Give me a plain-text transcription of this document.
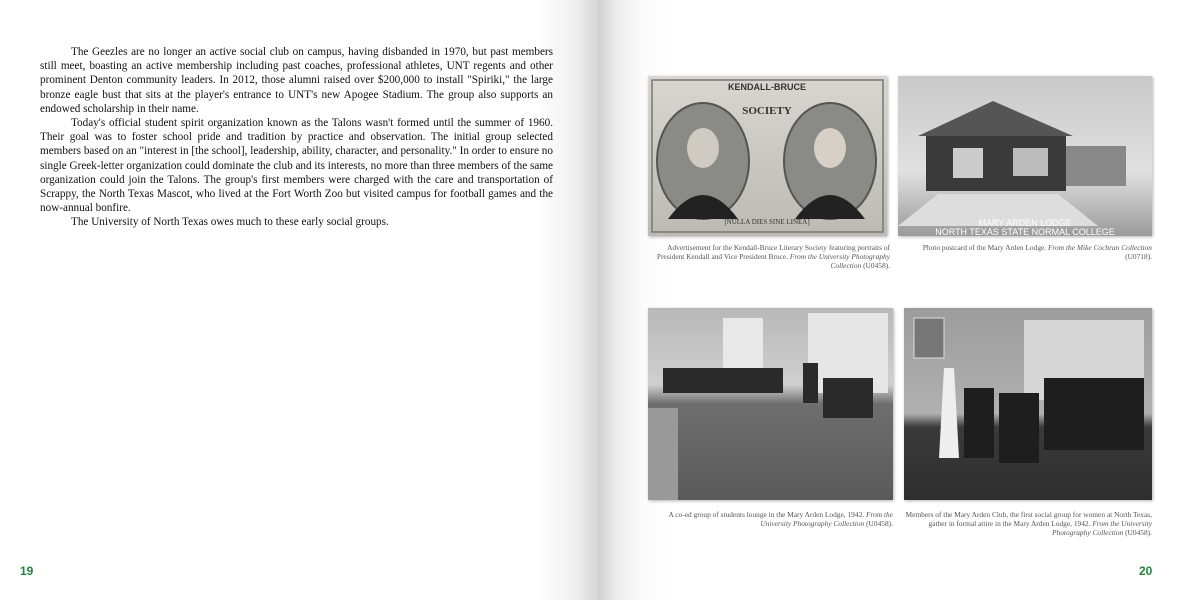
The Geezles are no longer an active social club on campus, having disbanded in 1970, but past members still meet, boasting an active membership including past coaches, professional athletes, UNT regents and other prominent Denton community leaders. In 2012, those alumni raised over $200,000 to install "Spiriki," the large bronze eagle bust that sits at the player's entrance to UNT's new Apogee Stadium. The group also supports an endowed scholarship in their name.

Today's official student spirit organization known as the Talons wasn't formed until the summer of 1960. Their goal was to foster school pride and tradition by practice and observation. The initial group selected members based on an "interest in [the school], leadership, ability, character, and personality." In order to ensure no single Greek-letter organization could dominate the club and its interests, no more than three members of the same organization could join the Talons. The group's first members were charged with the care and transportation of Scrappy, the North Texas Mascot, who lived at the Fort Worth Zoo but visited campus for football games and the now-annual bonfire.

The University of North Texas owes much to these early social groups.

19
KENDALL-BRUCE
SOCIETY
[NULLA DIES SINE LINEA]	MARY ARDEN LODGE
NORTH TEXAS STATE NORMAL COLLEGE
Advertisement for the Kendall-Bruce Literary Society featuring portraits of President Kendall and Vice President Bruce. From the University Photography Collection (U0458).
Photo postcard of the Mary Arden Lodge. From the Mike Cochran Collection (U0718).
A co-ed group of students lounge in the Mary Arden Lodge, 1942. From the University Photography Collection (U0458).
Members of the Mary Arden Club, the first social group for women at North Texas, gather in formal attire in the Mary Arden Lodge, 1942. From the University Photography Collection (U0458).
20
